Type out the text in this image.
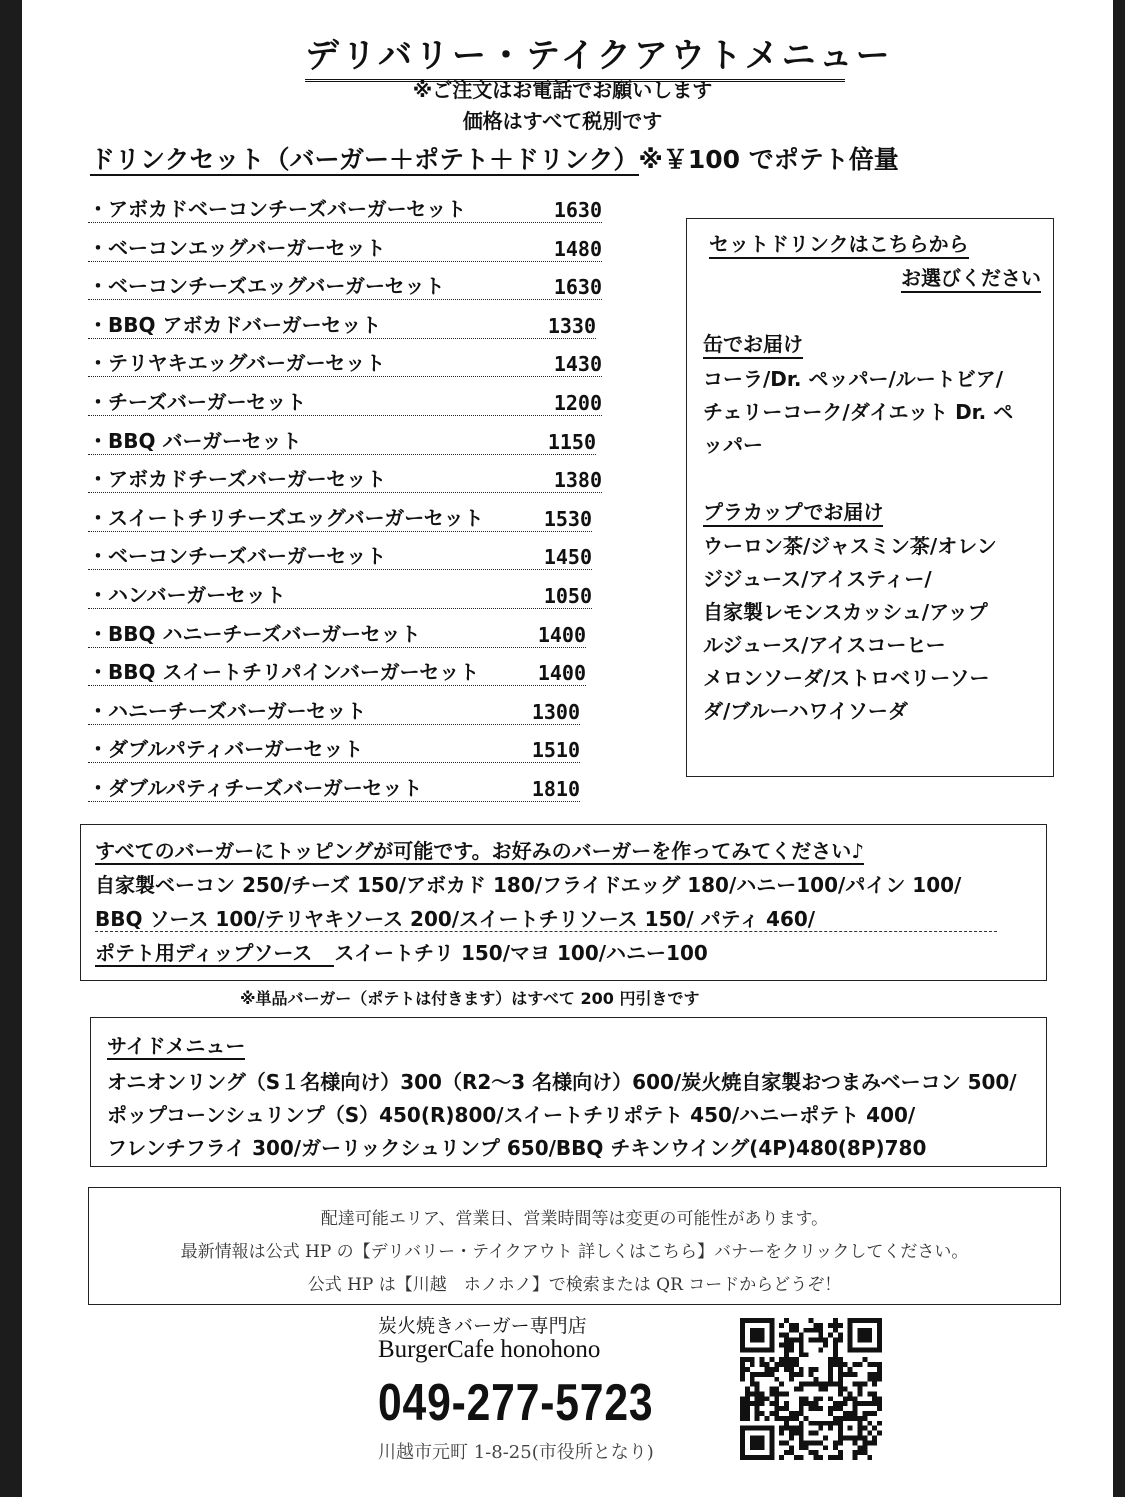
デリバリー・テイクアウトメニュー
※ご注文はお電話でお願いします
価格はすべて税別です
ドリンクセット（バーガー＋ポテト＋ドリンク）※￥100 でポテト倍量
・アボカドベーコンチーズバーガーセット	1630
・ベーコンエッグバーガーセット	1480
・ベーコンチーズエッグバーガーセット	1630
・BBQ アボカドバーガーセット	1330
・テリヤキエッグバーガーセット	1430
・チーズバーガーセット	1200
・BBQ バーガーセット	1150
・アボカドチーズバーガーセット	1380
・スイートチリチーズエッグバーガーセット	1530
・ベーコンチーズバーガーセット	1450
・ハンバーガーセット	1050
・BBQ ハニーチーズバーガーセット	1400
・BBQ スイートチリパインバーガーセット	1400
・ハニーチーズバーガーセット	1300
・ダブルパティバーガーセット	1510
・ダブルパティチーズバーガーセット	1810
セットドリンクはこちらから
お選びください
缶でお届け
コーラ/Dr. ペッパー/ルートビア/
チェリーコーク/ダイエット Dr. ペ
ッパー
プラカップでお届け
ウーロン茶/ジャスミン茶/オレン
ジジュース/アイスティー/
自家製レモンスカッシュ/アップ
ルジュース/アイスコーヒー
メロンソーダ/ストロベリーソー
ダ/ブルーハワイソーダ
すべてのバーガーにトッピングが可能です。お好みのバーガーを作ってみてください♪
自家製ベーコン 250/チーズ 150/アボカド 180/フライドエッグ 180/ハニー100/パイン 100/
BBQ ソース 100/テリヤキソース 200/スイートチリソース 150/ パティ 460/
ポテト用ディップソース スイートチリ 150/マヨ 100/ハニー100
※単品バーガー（ポテトは付きます）はすべて 200 円引きです
サイドメニュー
オニオンリング（S１名様向け）300（R2〜3 名様向け）600/炭火焼自家製おつまみベーコン 500/
ポップコーンシュリンプ（S）450(R)800/スイートチリポテト 450/ハニーポテト 400/
フレンチフライ 300/ガーリックシュリンプ 650/BBQ チキンウイング(4P)480(8P)780
配達可能エリア、営業日、営業時間等は変更の可能性があります。
最新情報は公式 HP の【デリバリー・テイクアウト 詳しくはこちら】バナーをクリックしてください。
公式 HP は【川越　ホノホノ】で検索または QR コードからどうぞ！
炭火焼きバーガー専門店
BurgerCafe honohono
049-277-5723
川越市元町 1-8-25(市役所となり)
